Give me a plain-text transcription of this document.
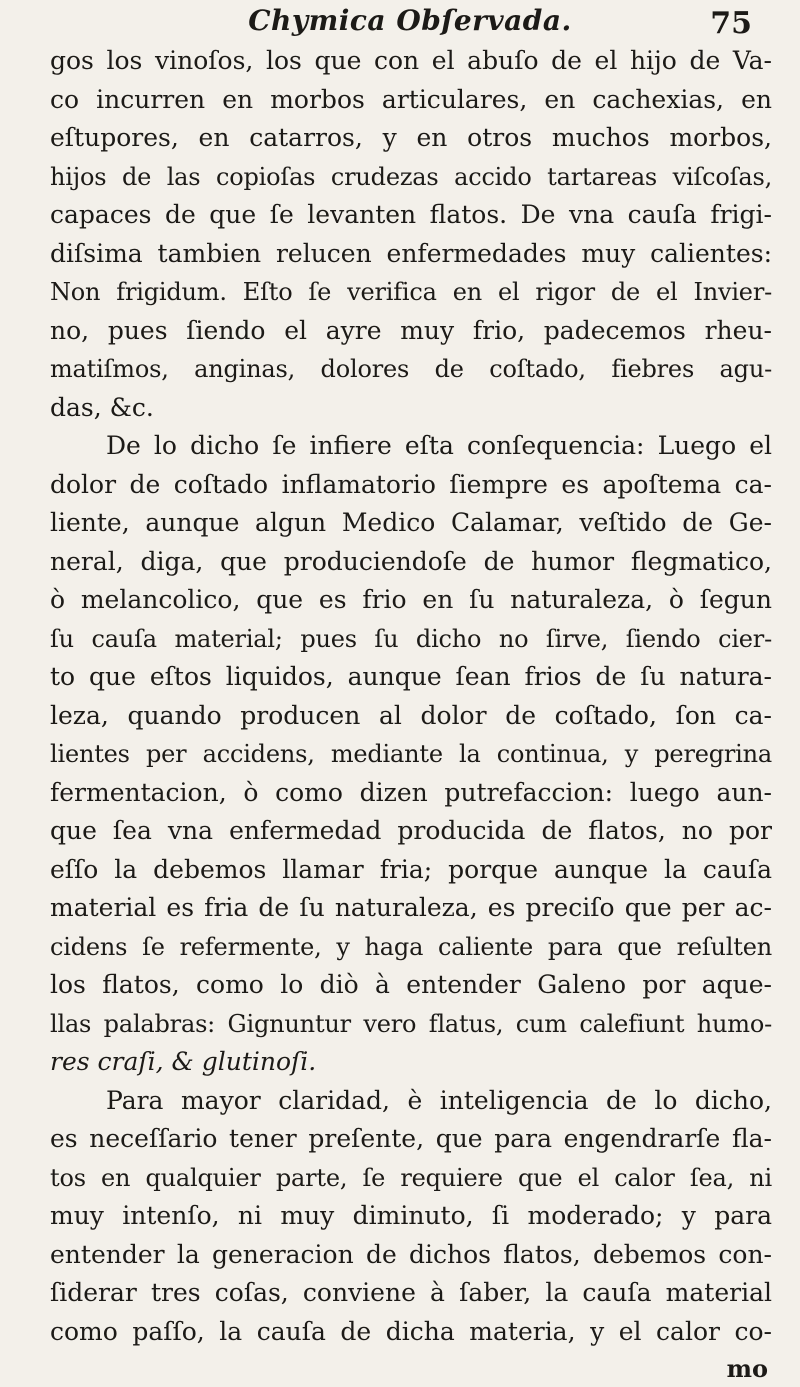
Chymica Obſervada.	75
gos los vinoſos, los que con el abuſo de el hijo de Va-
co incurren en morbos articulares, en cachexias, en
eſtupores, en catarros, y en otros muchos morbos,
hijos de las copioſas crudezas accido tartareas viſcoſas,
capaces de que ſe levanten flatos. De vna cauſa frigi-
diſsima tambien relucen enfermedades muy calientes:
Non frigidum. Eſto ſe verifica en el rigor de el Invier-
no, pues ſiendo el ayre muy frio, padecemos rheu-
matiſmos, anginas, dolores de coſtado, fiebres agu-
das, &c.
De lo dicho ſe infiere eſta conſequencia: Luego el
dolor de coſtado inflamatorio ſiempre es apoſtema ca-
liente, aunque algun Medico Calamar, veſtido de Ge-
neral, diga, que produciendoſe de humor flegmatico,
ò melancolico, que es frio en ſu naturaleza, ò ſegun
ſu cauſa material; pues ſu dicho no ſirve, ſiendo cier-
to que eſtos liquidos, aunque ſean frios de ſu natura-
leza, quando producen al dolor de coſtado, ſon ca-
lientes per accidens, mediante la continua, y peregrina
fermentacion, ò como dizen putrefaccion: luego aun-
que ſea vna enfermedad producida de flatos, no por
eſſo la debemos llamar fria; porque aunque la cauſa
material es fria de ſu naturaleza, es preciſo que per ac-
cidens ſe refermente, y haga caliente para que reſulten
los flatos, como lo diò à entender Galeno por aque-
llas palabras: Gignuntur vero flatus, cum calefiunt humo-
res craſi, & glutinoſi.
Para mayor claridad, è inteligencia de lo dicho,
es neceſſario tener preſente, que para engendrarſe fla-
tos en qualquier parte, ſe requiere que el calor ſea, ni
muy intenſo, ni muy diminuto, ſi moderado; y para
entender la generacion de dichos flatos, debemos con-
ſiderar tres coſas, conviene à ſaber, la cauſa material
como paſſo, la cauſa de dicha materia, y el calor co-
mo
